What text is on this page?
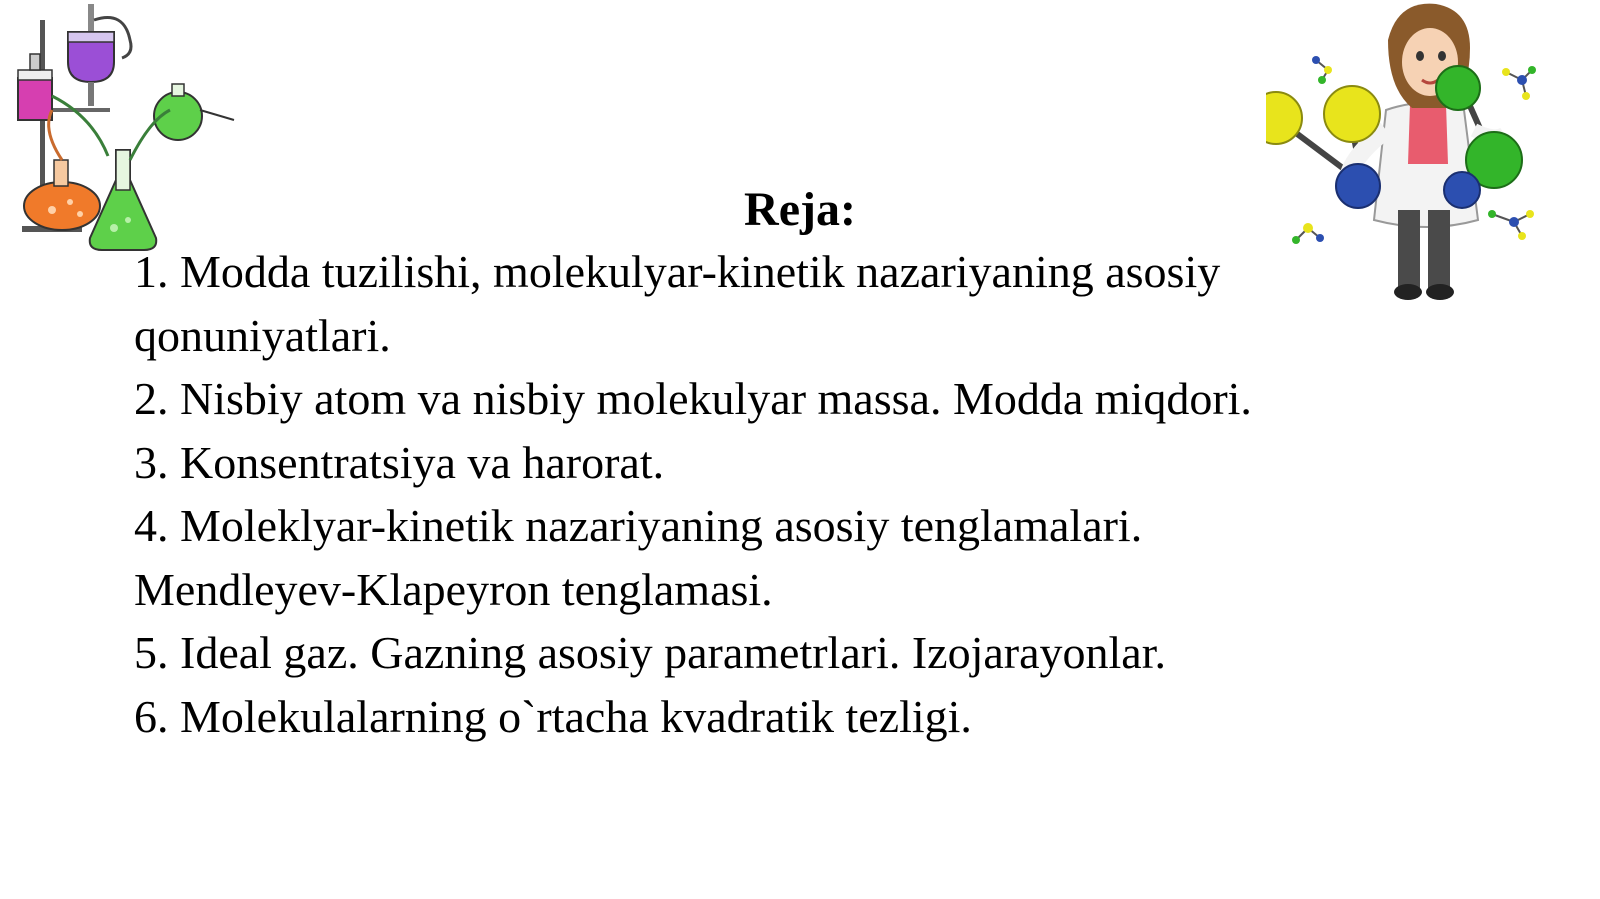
Reja:
1. Modda tuzilishi, molekulyar-kinetik nazariyaning asosiy
qonuniyatlari.
2. Nisbiy atom va nisbiy molekulyar massa. Modda miqdori.
3. Konsentratsiya va harorat.
4. Moleklyar-kinetik nazariyaning asosiy tenglamalari.
Mendleyev-Klapeyron tenglamasi.
5. Ideal gaz. Gazning asosiy parametrlari. Izojarayonlar.
6. Molekulalarning o`rtacha kvadratik tezligi.
